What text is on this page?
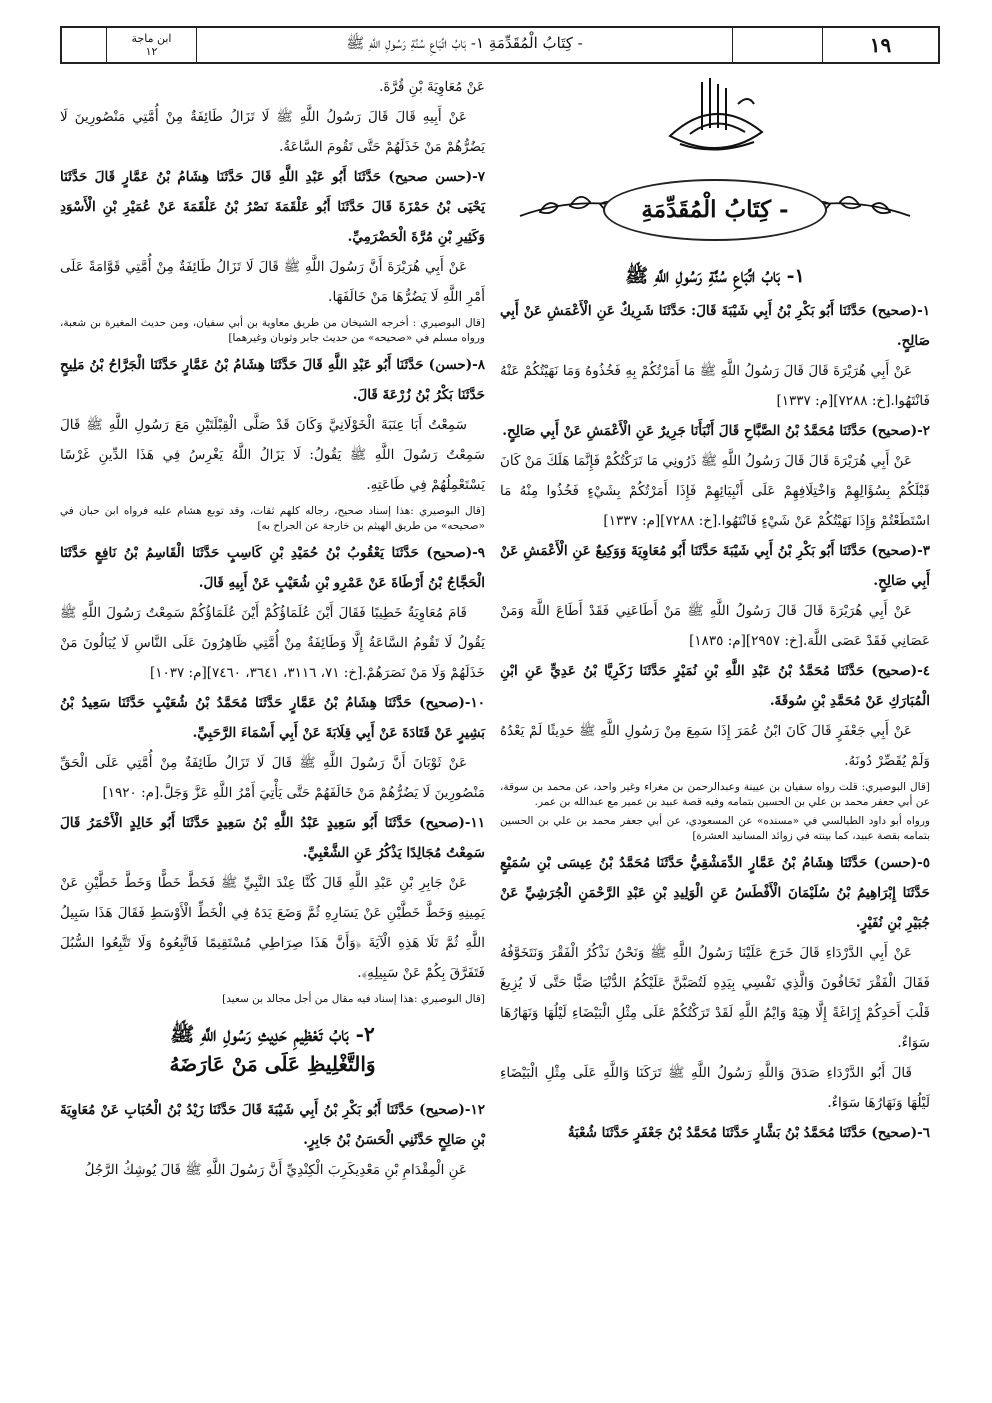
ابن ماجة
١٢	- كِتَابُ الْمُقَدِّمَةِ ١- بَابُ اتِّبَاعِ سُنَّةِ رَسُولِ اللَّهِ ﷺ	١٩
- كِتَابُ الْمُقَدِّمَةِ
١- بَابُ اتِّبَاعِ سُنَّةِ رَسُولِ اللَّهِ ﷺ

١-(صحيح) حَدَّثَنَا أَبُو بَكْرِ بْنُ أَبِي شَيْبَةَ قَالَ: حَدَّثَنَا شَرِيكٌ عَنِ الْأَعْمَشِ عَنْ أَبِي صَالِحٍ.

عَنْ أَبِي هُرَيْرَةَ قَالَ قَالَ رَسُولُ اللَّهِ ﷺ مَا أَمَرْتُكُمْ بِهِ فَخُذُوهُ وَمَا نَهَيْتُكُمْ عَنْهُ فَانْتَهُوا.[خ: ٧٢٨٨][م: ١٣٣٧]

٢-(صحيح) حَدَّثَنَا مُحَمَّدُ بْنُ الصَّبَّاحِ قَالَ أَنْبَأَنَا جَرِيرٌ عَنِ الْأَعْمَشِ عَنْ أَبِي صَالِحٍ.

عَنْ أَبِي هُرَيْرَةَ قَالَ قَالَ رَسُولُ اللَّهِ ﷺ ذَرُونِي مَا تَرَكْتُكُمْ فَإِنَّمَا هَلَكَ مَنْ كَانَ قَبْلَكُمْ بِسُؤَالِهِمْ وَاخْتِلَافِهِمْ عَلَى أَنْبِيَائِهِمْ فَإِذَا أَمَرْتُكُمْ بِشَيْءٍ فَخُذُوا مِنْهُ مَا اسْتَطَعْتُمْ وَإِذَا نَهَيْتُكُمْ عَنْ شَيْءٍ فَانْتَهُوا.[خ: ٧٢٨٨][م: ١٣٣٧]

٣-(صحيح) حَدَّثَنَا أَبُو بَكْرِ بْنُ أَبِي شَيْبَةَ حَدَّثَنَا أَبُو مُعَاوِيَةَ وَوَكِيعٌ عَنِ الْأَعْمَشِ عَنْ أَبِي صَالِحٍ.

عَنْ أَبِي هُرَيْرَةَ قَالَ قَالَ رَسُولُ اللَّهِ ﷺ مَنْ أَطَاعَنِي فَقَدْ أَطَاعَ اللَّهَ وَمَنْ عَصَانِي فَقَدْ عَصَى اللَّهَ.[خ: ٢٩٥٧][م: ١٨٣٥]

٤-(صحيح) حَدَّثَنَا مُحَمَّدُ بْنُ عَبْدِ اللَّهِ بْنِ نُمَيْرٍ حَدَّثَنَا زَكَرِيَّا بْنُ عَدِيٍّ عَنِ ابْنِ الْمُبَارَكِ عَنْ مُحَمَّدِ بْنِ سُوقَةَ.

عَنْ أَبِي جَعْفَرٍ قَالَ كَانَ ابْنُ عُمَرَ إِذَا سَمِعَ مِنْ رَسُولِ اللَّهِ ﷺ حَدِيثًا لَمْ يَعْدُهُ وَلَمْ يُقَصِّرْ دُونَهُ.

[قال البوصيري: قلت رواه سفيان بن عيينة وعبدالرحمن بن مغراء وغير واحد، عن محمد بن سوقة، عن أبي جعفر محمد بن علي بن الحسين بتمامه وفيه قصة عبيد بن عمير مع عبدالله بن عمر.

ورواه أبو داود الطيالسي في «مسنده» عن المسعودي، عن أبي جعفر محمد بن علي بن الحسين بتمامه بقصة عبيد، كما بينته في زوائد المسانيد العشرة]

٥-(حسن) حَدَّثَنَا هِشَامُ بْنُ عَمَّارٍ الدِّمَشْقِيُّ حَدَّثَنَا مُحَمَّدُ بْنُ عِيسَى بْنِ سُمَيْعٍ حَدَّثَنَا إِبْرَاهِيمُ بْنُ سُلَيْمَانَ الْأَفْطَسُ عَنِ الْوَلِيدِ بْنِ عَبْدِ الرَّحْمَنِ الْجُرَشِيِّ عَنْ جُبَيْرِ بْنِ نُفَيْرٍ.

عَنْ أَبِي الدَّرْدَاءِ قَالَ خَرَجَ عَلَيْنَا رَسُولُ اللَّهِ ﷺ وَنَحْنُ نَذْكُرُ الْفَقْرَ وَنَتَخَوَّفُهُ فَقَالَ الْفَقْرَ تَخَافُونَ وَالَّذِي نَفْسِي بِيَدِهِ لَتُصَبَّنَّ عَلَيْكُمُ الدُّنْيَا صَبًّا حَتَّى لَا يُزِيغَ قَلْبَ أَحَدِكُمْ إِزَاغَةً إِلَّا هِيَهْ وَايْمُ اللَّهِ لَقَدْ تَرَكْتُكُمْ عَلَى مِثْلِ الْبَيْضَاءِ لَيْلُهَا وَنَهَارُهَا سَوَاءٌ.

قَالَ أَبُو الدَّرْدَاءِ صَدَقَ وَاللَّهِ رَسُولُ اللَّهِ ﷺ تَرَكَنَا وَاللَّهِ عَلَى مِثْلِ الْبَيْضَاءِ لَيْلُهَا وَنَهَارُهَا سَوَاءٌ.

٦-(صحيح) حَدَّثَنَا مُحَمَّدُ بْنُ بَشَّارٍ حَدَّثَنَا مُحَمَّدُ بْنُ جَعْفَرٍ حَدَّثَنَا شُعْبَةُ

عَنْ مُعَاوِيَةَ بْنِ قُرَّةَ.

عَنْ أَبِيهِ قَالَ قَالَ رَسُولُ اللَّهِ ﷺ لَا تَزَالُ طَائِفَةٌ مِنْ أُمَّتِي مَنْصُورِينَ لَا يَضُرُّهُمْ مَنْ خَذَلَهُمْ حَتَّى تَقُومَ السَّاعَةُ.

٧-(حسن صحيح) حَدَّثَنَا أَبُو عَبْدِ اللَّهِ قَالَ حَدَّثَنَا هِشَامُ بْنُ عَمَّارٍ قَالَ حَدَّثَنَا يَحْيَى بْنُ حَمْزَةَ قَالَ حَدَّثَنَا أَبُو عَلْقَمَةَ نَصْرُ بْنُ عَلْقَمَةَ عَنْ عُمَيْرِ بْنِ الْأَسْوَدِ وَكَثِيرِ بْنِ مُرَّةَ الْحَضْرَمِيِّ.

عَنْ أَبِي هُرَيْرَةَ أَنَّ رَسُولَ اللَّهِ ﷺ قَالَ لَا تَزَالُ طَائِفَةٌ مِنْ أُمَّتِي قَوَّامَةً عَلَى أَمْرِ اللَّهِ لَا يَضُرُّهَا مَنْ خَالَفَهَا.

[قال البوصيري : أخرجه الشيخان من طريق معاوية بن أبي سفيان، ومن حديث المغيرة بن شعبة، ورواه مسلم في «صحيحه» من حديث جابر وثوبان وغيرهما]

٨-(حسن) حَدَّثَنَا أَبُو عَبْدِ اللَّهِ قَالَ حَدَّثَنَا هِشَامُ بْنُ عَمَّارٍ حَدَّثَنَا الْجَرَّاحُ بْنُ مَلِيحٍ حَدَّثَنَا بَكْرُ بْنُ زُرْعَةَ قَالَ.

سَمِعْتُ أَبَا عِنَبَةَ الْخَوْلَانِيَّ وَكَانَ قَدْ صَلَّى الْقِبْلَتَيْنِ مَعَ رَسُولِ اللَّهِ ﷺ قَالَ سَمِعْتُ رَسُولَ اللَّهِ ﷺ يَقُولُ: لَا يَزَالُ اللَّهُ يَغْرِسُ فِي هَذَا الدِّينِ غَرْسًا يَسْتَعْمِلُهُمْ فِي طَاعَتِهِ.

[قال البوصيري :هذا إسناد صحيح، رجاله كلهم ثقات، وقد توبع هشام عليه فرواه ابن حبان في «صحيحه» من طريق الهيثم بن خارجة عن الجراح به]

٩-(صحيح) حَدَّثَنَا يَعْقُوبُ بْنُ حُمَيْدِ بْنِ كَاسِبٍ حَدَّثَنَا الْقَاسِمُ بْنُ نَافِعٍ حَدَّثَنَا الْحَجَّاجُ بْنُ أَرْطَاةَ عَنْ عَمْرِو بْنِ شُعَيْبٍ عَنْ أَبِيهِ قَالَ.

قَامَ مُعَاوِيَةُ خَطِيبًا فَقَالَ أَيْنَ عُلَمَاؤُكُمْ أَيْنَ عُلَمَاؤُكُمْ سَمِعْتُ رَسُولَ اللَّهِ ﷺ يَقُولُ لَا تَقُومُ السَّاعَةُ إِلَّا وَطَائِفَةٌ مِنْ أُمَّتِي ظَاهِرُونَ عَلَى النَّاسِ لَا يُبَالُونَ مَنْ خَذَلَهُمْ وَلَا مَنْ نَصَرَهُمْ.[خ: ٧١، ٣١١٦، ٣٦٤١، ٧٤٦٠][م: ١٠٣٧]

١٠-(صحيح) حَدَّثَنَا هِشَامُ بْنُ عَمَّارٍ حَدَّثَنَا مُحَمَّدُ بْنُ شُعَيْبٍ حَدَّثَنَا سَعِيدُ بْنُ بَشِيرٍ عَنْ قَتَادَةَ عَنْ أَبِي قِلَابَةَ عَنْ أَبِي أَسْمَاءَ الرَّحَبِيِّ.

عَنْ ثَوْبَانَ أَنَّ رَسُولَ اللَّهِ ﷺ قَالَ لَا تَزَالُ طَائِفَةٌ مِنْ أُمَّتِي عَلَى الْحَقِّ مَنْصُورِينَ لَا يَضُرُّهُمْ مَنْ خَالَفَهُمْ حَتَّى يَأْتِيَ أَمْرُ اللَّهِ عَزَّ وَجَلَّ.[م: ١٩٢٠]

١١-(صحيح) حَدَّثَنَا أَبُو سَعِيدٍ عَبْدُ اللَّهِ بْنُ سَعِيدٍ حَدَّثَنَا أَبُو خَالِدٍ الْأَحْمَرُ قَالَ سَمِعْتُ مُجَالِدًا يَذْكُرُ عَنِ الشَّعْبِيِّ.

عَنْ جَابِرِ بْنِ عَبْدِ اللَّهِ قَالَ كُنَّا عِنْدَ النَّبِيِّ ﷺ فَخَطَّ خَطًّا وَخَطَّ خَطَّيْنِ عَنْ يَمِينِهِ وَخَطَّ خَطَّيْنِ عَنْ يَسَارِهِ ثُمَّ وَضَعَ يَدَهُ فِي الْخَطِّ الْأَوْسَطِ فَقَالَ هَذَا سَبِيلُ اللَّهِ ثُمَّ تَلَا هَذِهِ الْآيَةَ ﴿وَأَنَّ هَذَا صِرَاطِي مُسْتَقِيمًا فَاتَّبِعُوهُ وَلَا تَتَّبِعُوا السُّبُلَ فَتَفَرَّقَ بِكُمْ عَنْ سَبِيلِهِ﴾.

[قال البوصيري :هذا إسناد فيه مقال من أجل مجالد بن سعيد]

٢- بَابُ تَعْظِيمِ حَدِيثِ رَسُولِ اللَّهِ ﷺ
وَالتَّغْلِيظِ عَلَى مَنْ عَارَضَهُ

١٢-(صحيح) حَدَّثَنَا أَبُو بَكْرِ بْنُ أَبِي شَيْبَةَ قَالَ حَدَّثَنَا زَيْدُ بْنُ الْحُبَابِ عَنْ مُعَاوِيَةَ بْنِ صَالِحٍ حَدَّثَنِي الْحَسَنُ بْنُ جَابِرٍ.

عَنِ الْمِقْدَامِ بْنِ مَعْدِيكَرِبَ الْكِنْدِيِّ أَنَّ رَسُولَ اللَّهِ ﷺ قَالَ يُوشِكُ الرَّجُلُ
